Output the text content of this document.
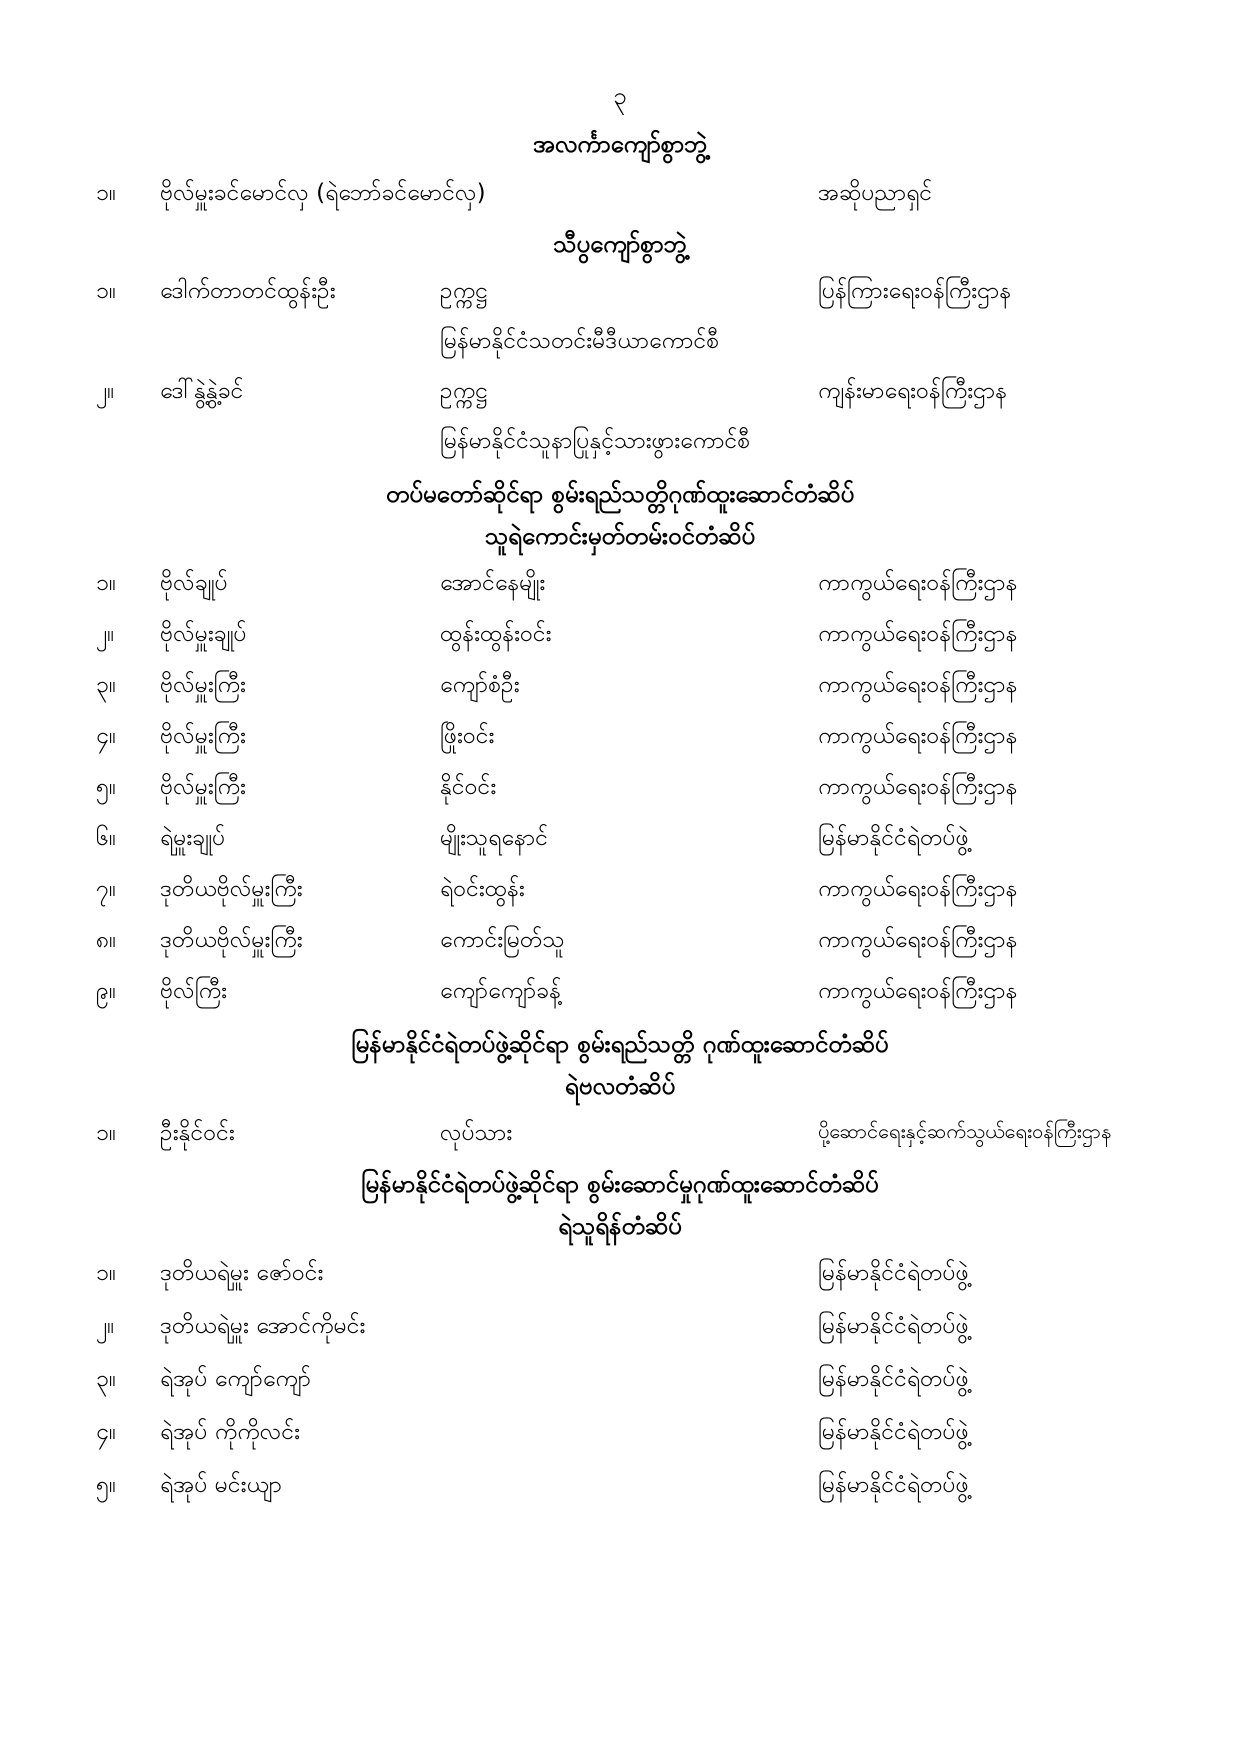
၃
အလင်္ကာကျော်စွာဘွဲ့
၁။ ဗိုလ်မှူးခင်မောင်လှ (ရဲဘော်ခင်မောင်လှ)	အဆိုပညာရှင်
သီပွကျော်စွာဘွဲ့
၁။ ဒေါက်တာတင်ထွန်းဦး	ဥက္ကဋ္ဌ	ပြန်ကြားရေးဝန်ကြီးဌာန
မြန်မာနိုင်ငံသတင်းမီဒီယာကောင်စီ
၂။ ဒေါ်နွဲ့နွဲ့ခင်	ဥက္ကဋ္ဌ	ကျန်းမာရေးဝန်ကြီးဌာန
မြန်မာနိုင်ငံသူနာပြုနှင့်သားဖွားကောင်စီ
တပ်မတော်ဆိုင်ရာ စွမ်းရည်သတ္တိဂုဏ်ထူးဆောင်တံဆိပ်
သူရဲကောင်းမှတ်တမ်းဝင်တံဆိပ်
၁။ ဗိုလ်ချုပ်	အောင်နေမျိုး	ကာကွယ်ရေးဝန်ကြီးဌာန
၂။ ဗိုလ်မှူးချုပ်	ထွန်းထွန်းဝင်း	ကာကွယ်ရေးဝန်ကြီးဌာန
၃။ ဗိုလ်မှူးကြီး	ကျော်စံဦး	ကာကွယ်ရေးဝန်ကြီးဌာန
၄။ ဗိုလ်မှူးကြီး	ဖြိုးဝင်း	ကာကွယ်ရေးဝန်ကြီးဌာန
၅။ ဗိုလ်မှူးကြီး	နိုင်ဝင်း	ကာကွယ်ရေးဝန်ကြီးဌာန
၆။ ရဲမှူးချုပ်	မျိုးသူရနောင်	မြန်မာနိုင်ငံရဲတပ်ဖွဲ့
၇။ ဒုတိယဗိုလ်မှူးကြီး	ရဲဝင်းထွန်း	ကာကွယ်ရေးဝန်ကြီးဌာန
၈။ ဒုတိယဗိုလ်မှူးကြီး	ကောင်းမြတ်သူ	ကာကွယ်ရေးဝန်ကြီးဌာန
၉။ ဗိုလ်ကြီး	ကျော်ကျော်ခန့်	ကာကွယ်ရေးဝန်ကြီးဌာန
မြန်မာနိုင်ငံရဲတပ်ဖွဲ့ဆိုင်ရာ စွမ်းရည်သတ္တိ ဂုဏ်ထူးဆောင်တံဆိပ်
ရဲဗလတံဆိပ်
၁။ ဦးနိုင်ဝင်း	လုပ်သား	ပို့ဆောင်ရေးနှင့်ဆက်သွယ်ရေးဝန်ကြီးဌာန
မြန်မာနိုင်ငံရဲတပ်ဖွဲ့ဆိုင်ရာ စွမ်းဆောင်မှုဂုဏ်ထူးဆောင်တံဆိပ်
ရဲသူရိန်တံဆိပ်
၁။ ဒုတိယရဲမှူး ဇော်ဝင်း	မြန်မာနိုင်ငံရဲတပ်ဖွဲ့
၂။ ဒုတိယရဲမှူး အောင်ကိုမင်း	မြန်မာနိုင်ငံရဲတပ်ဖွဲ့
၃။ ရဲအုပ် ကျော်ကျော်	မြန်မာနိုင်ငံရဲတပ်ဖွဲ့
၄။ ရဲအုပ် ကိုကိုလင်း	မြန်မာနိုင်ငံရဲတပ်ဖွဲ့
၅။ ရဲအုပ် မင်းယျာ	မြန်မာနိုင်ငံရဲတပ်ဖွဲ့
